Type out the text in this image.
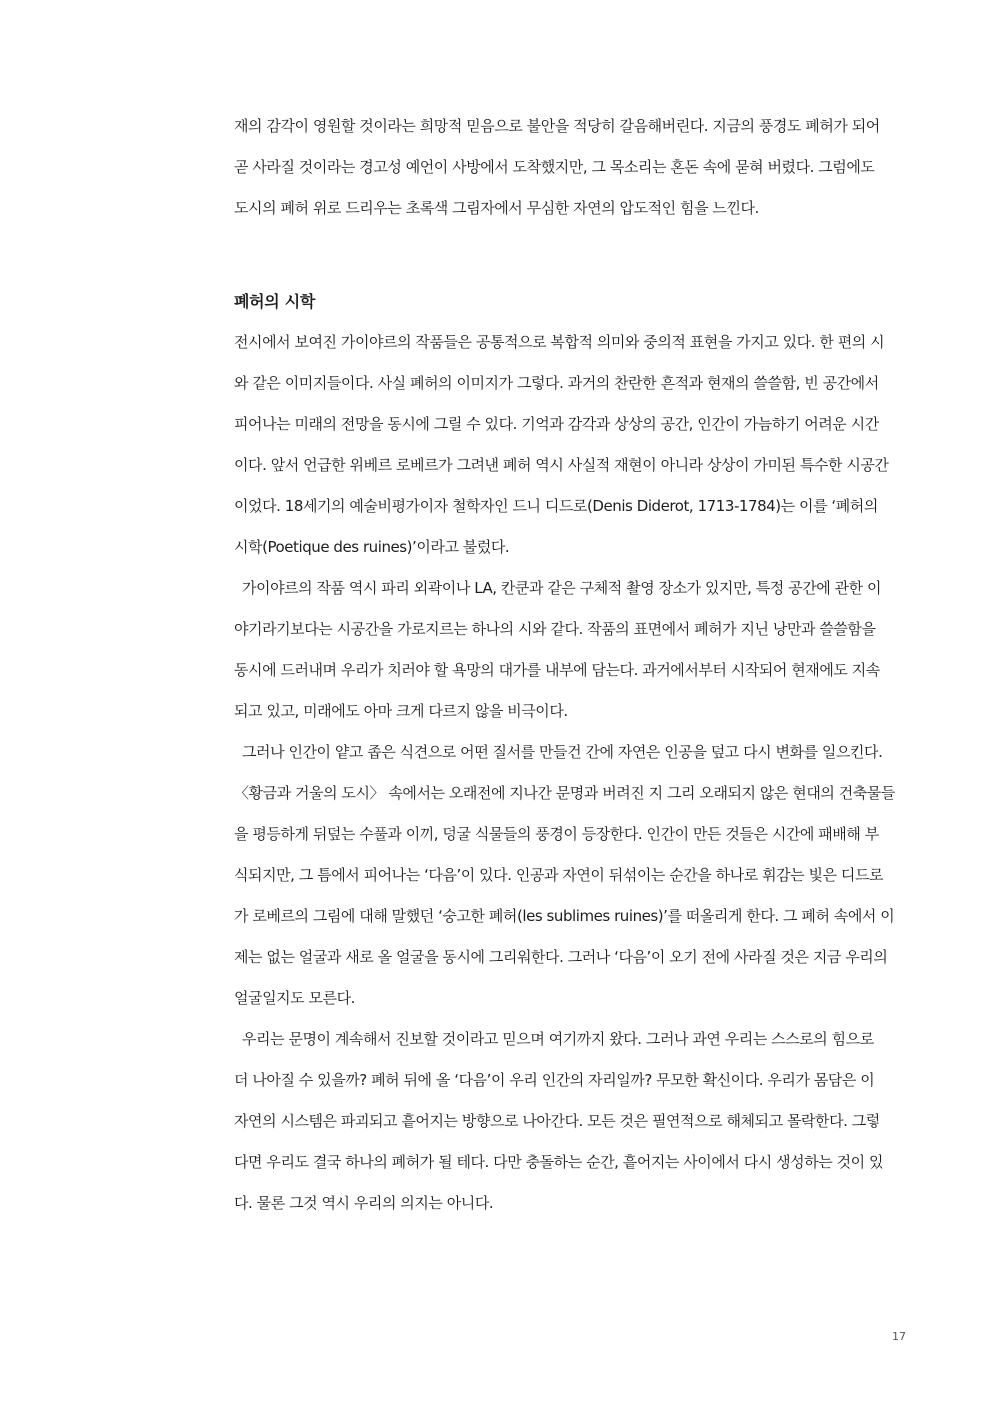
재의 감각이 영원할 것이라는 희망적 믿음으로 불안을 적당히 갈음해버린다. 지금의 풍경도 폐허가 되어
곧 사라질 것이라는 경고성 예언이 사방에서 도착했지만, 그 목소리는 혼돈 속에 묻혀 버렸다. 그럼에도
도시의 폐허 위로 드리우는 초록색 그림자에서 무심한 자연의 압도적인 힘을 느낀다.
폐허의 시학
전시에서 보여진 가이야르의 작품들은 공통적으로 복합적 의미와 중의적 표현을 가지고 있다. 한 편의 시
와 같은 이미지들이다. 사실 폐허의 이미지가 그렇다. 과거의 찬란한 흔적과 현재의 쓸쓸함, 빈 공간에서
피어나는 미래의 전망을 동시에 그릴 수 있다. 기억과 감각과 상상의 공간, 인간이 가늠하기 어려운 시간
이다. 앞서 언급한 위베르 로베르가 그려낸 폐허 역시 사실적 재현이 아니라 상상이 가미된 특수한 시공간
이었다. 18세기의 예술비평가이자 철학자인 드니 디드로(Denis Diderot, 1713-1784)는 이를 ‘폐허의
시학(Poetique des ruines)’이라고 불렀다.
가이야르의 작품 역시 파리 외곽이나 LA, 칸쿤과 같은 구체적 촬영 장소가 있지만, 특정 공간에 관한 이
야기라기보다는 시공간을 가로지르는 하나의 시와 같다. 작품의 표면에서 폐허가 지닌 낭만과 쓸쓸함을
동시에 드러내며 우리가 치러야 할 욕망의 대가를 내부에 담는다. 과거에서부터 시작되어 현재에도 지속
되고 있고, 미래에도 아마 크게 다르지 않을 비극이다.
그러나 인간이 얕고 좁은 식견으로 어떤 질서를 만들건 간에 자연은 인공을 덮고 다시 변화를 일으킨다.
〈황금과 거울의 도시〉 속에서는 오래전에 지나간 문명과 버려진 지 그리 오래되지 않은 현대의 건축물들
을 평등하게 뒤덮는 수풀과 이끼, 덩굴 식물들의 풍경이 등장한다. 인간이 만든 것들은 시간에 패배해 부
식되지만, 그 틈에서 피어나는 ‘다음’이 있다. 인공과 자연이 뒤섞이는 순간을 하나로 휘감는 빛은 디드로
가 로베르의 그림에 대해 말했던 ‘숭고한 폐허(les sublimes ruines)’를 떠올리게 한다. 그 폐허 속에서 이
제는 없는 얼굴과 새로 올 얼굴을 동시에 그리워한다. 그러나 ‘다음’이 오기 전에 사라질 것은 지금 우리의
얼굴일지도 모른다.
우리는 문명이 계속해서 진보할 것이라고 믿으며 여기까지 왔다. 그러나 과연 우리는 스스로의 힘으로
더 나아질 수 있을까? 폐허 뒤에 올 ‘다음’이 우리 인간의 자리일까? 무모한 확신이다. 우리가 몸담은 이
자연의 시스템은 파괴되고 흩어지는 방향으로 나아간다. 모든 것은 필연적으로 해체되고 몰락한다. 그렇
다면 우리도 결국 하나의 폐허가 될 테다. 다만 충돌하는 순간, 흩어지는 사이에서 다시 생성하는 것이 있
다. 물론 그것 역시 우리의 의지는 아니다.
17
